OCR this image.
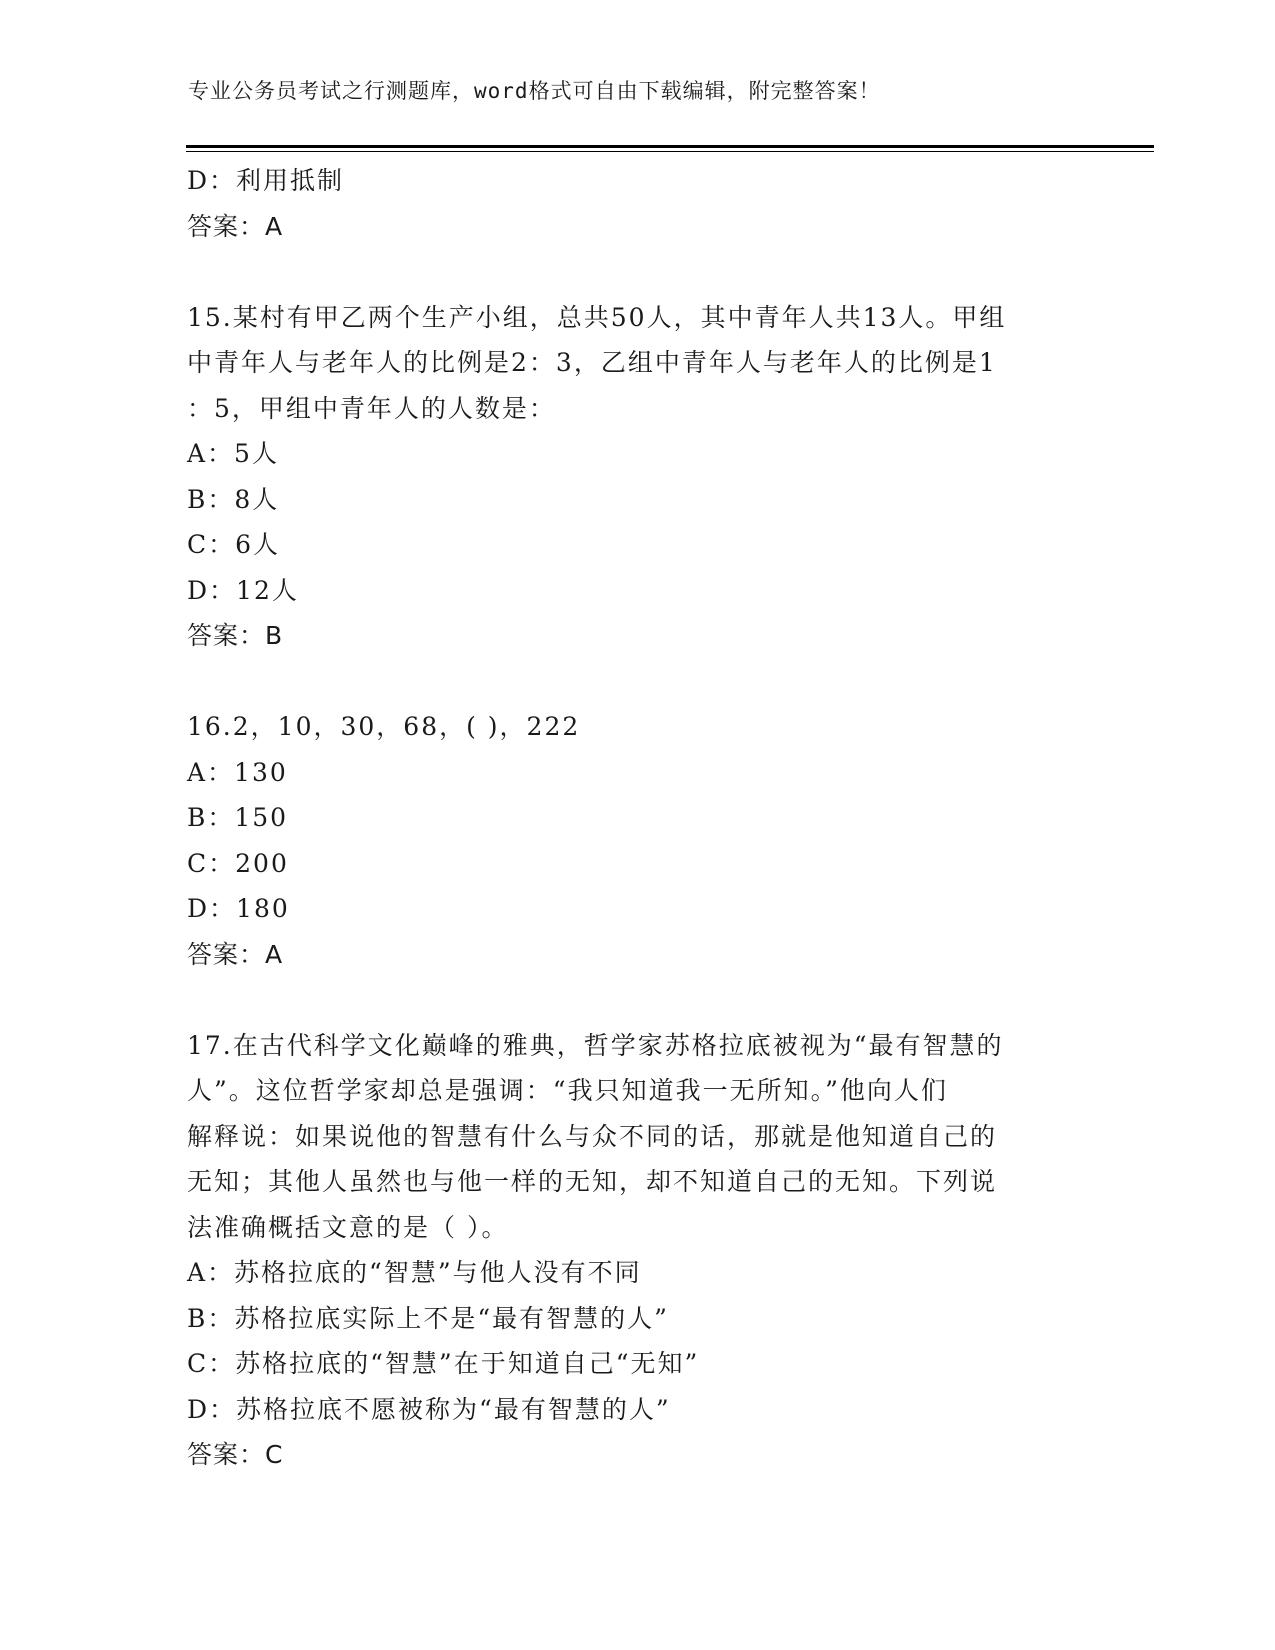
专业公务员考试之行测题库，word格式可自由下载编辑，附完整答案！
D：利用抵制
答案：A
15.某村有甲乙两个生产小组，总共50人，其中青年人共13人。甲组
中青年人与老年人的比例是2：3，乙组中青年人与老年人的比例是1
：5，甲组中青年人的人数是：
A：5人
B：8人
C：6人
D：12人
答案：B
16.2，10，30，68，( )，222
A：130
B：150
C：200
D：180
答案：A
17.在古代科学文化巅峰的雅典，哲学家苏格拉底被视为“最有智慧的
人”。这位哲学家却总是强调：“我只知道我一无所知。”他向人们
解释说：如果说他的智慧有什么与众不同的话，那就是他知道自己的
无知；其他人虽然也与他一样的无知，却不知道自己的无知。下列说
法准确概括文意的是（ ）。
A：苏格拉底的“智慧”与他人没有不同
B：苏格拉底实际上不是“最有智慧的人”
C：苏格拉底的“智慧”在于知道自己“无知”
D：苏格拉底不愿被称为“最有智慧的人”
答案：C
